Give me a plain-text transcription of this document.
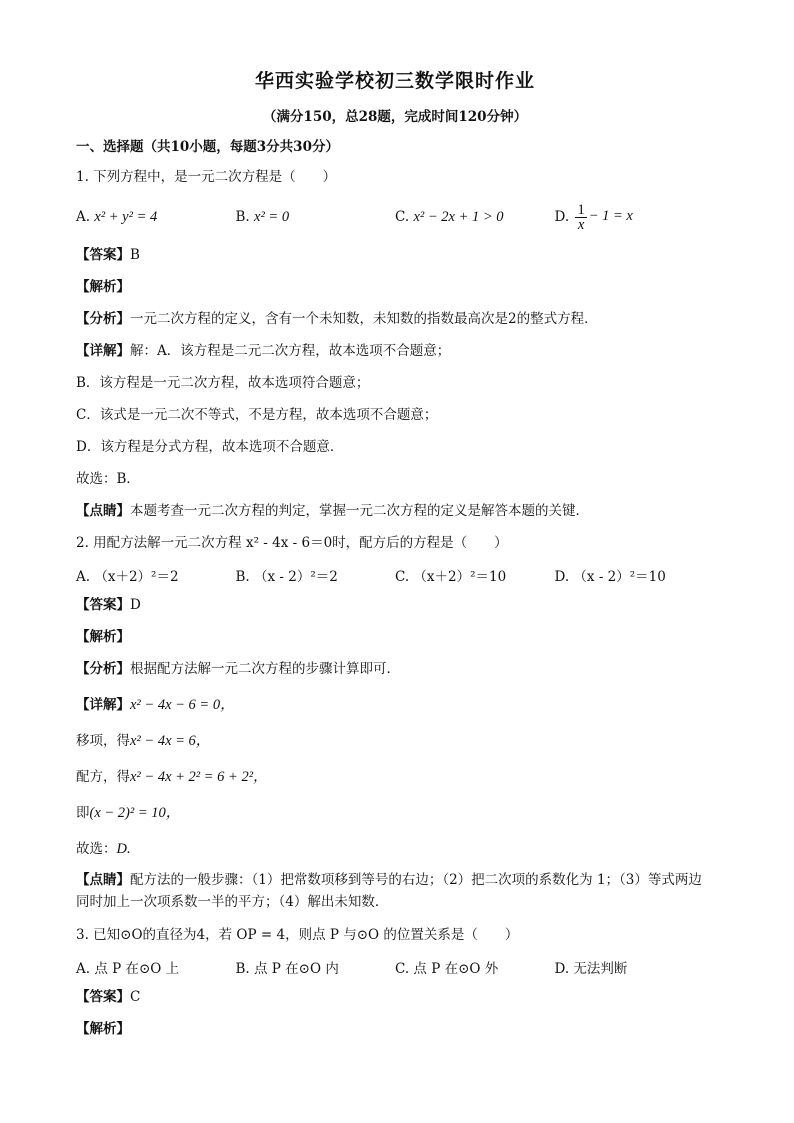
华西实验学校初三数学限时作业
（满分150，总28题，完成时间120分钟）
一、选择题（共10小题，每题3分共30分）
1. 下列方程中，是一元二次方程是（　　）
A. x² + y² = 4	B. x² = 0	C. x² − 2x + 1 > 0	D. $\frac{1}{x} - 1 = x$
【答案】B
【解析】
【分析】一元二次方程的定义，含有一个未知数，未知数的指数最高次是2的整式方程．
【详解】解：A．该方程是二元二次方程，故本选项不合题意；
B．该方程是一元二次方程，故本选项符合题意；
C．该式是一元二次不等式，不是方程，故本选项不合题意；
D．该方程是分式方程，故本选项不合题意．
故选：B．
【点睛】本题考查一元二次方程的判定，掌握一元二次方程的定义是解答本题的关键．
2. 用配方法解一元二次方程 x² - 4x - 6＝0时，配方后的方程是（　　）
A. （x＋2）²＝2	B. （x - 2）²＝2	C. （x＋2）²＝10	D. （x - 2）²＝10
【答案】D
【解析】
【分析】根据配方法解一元二次方程的步骤计算即可．
【详解】x² − 4x − 6 = 0，
移项，得x² − 4x = 6，
配方，得x² − 4x + 2² = 6 + 2²，
即(x − 2)² = 10，
故选：D.
【点睛】配方法的一般步骤：（1）把常数项移到等号的右边；（2）把二次项的系数化为 1；（3）等式两边同时加上一次项系数一半的平方；（4）解出未知数．
3. 已知⊙O的直径为4，若 OP = 4，则点 P 与⊙O 的位置关系是（　　）
A. 点 P 在⊙O 上	B. 点 P 在⊙O 内	C. 点 P 在⊙O 外	D. 无法判断
【答案】C
【解析】
